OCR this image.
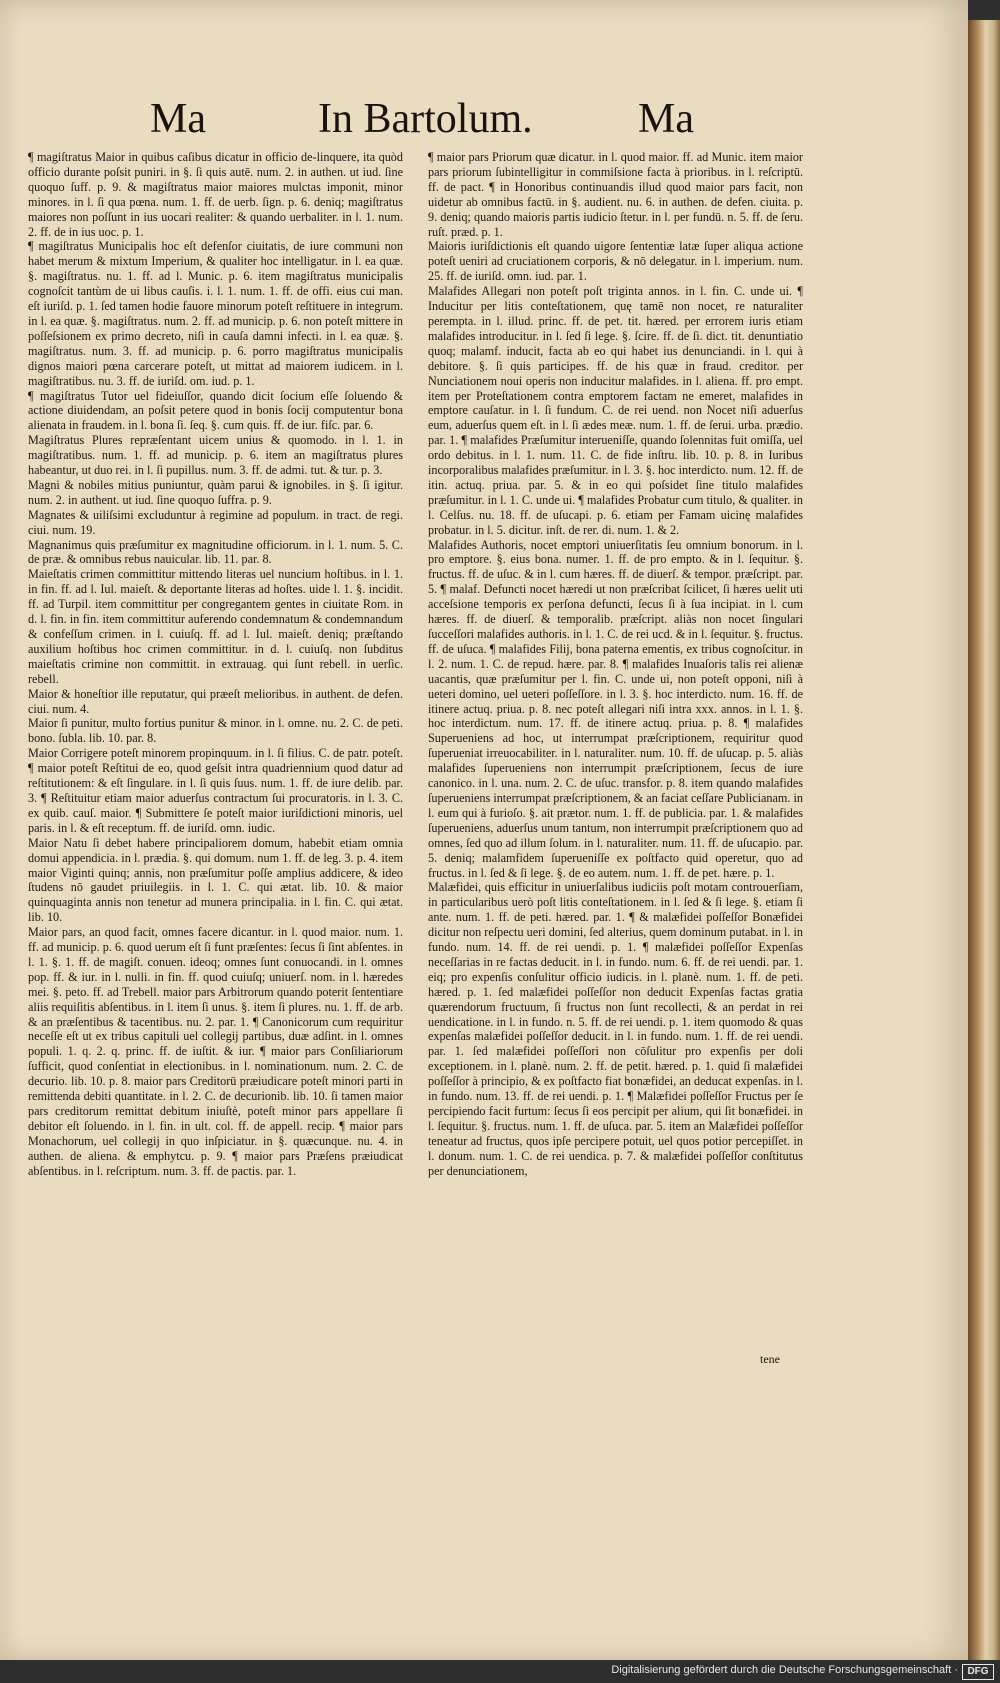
Ma	In Bartolum.	Ma

¶ magiſtratus Maior in quibus caſibus dicatur in officio de-linquere, ita quòd officio durante poſsit puniri. in §. ſi quis autē. num. 2. in authen. ut iud. ſine quoquo ſuff. p. 9. & magiſtratus maior maiores mulctas imponit, minor minores. in l. ſi qua pœna. num. 1. ff. de uerb. ſign. p. 6. deniq; magiſtratus maiores non poſſunt in ius uocari realiter: & quando uerbaliter. in l. 1. num. 2. ff. de in ius uoc. p. 1.

¶ magiſtratus Municipalis hoc eſt defenſor ciuitatis, de iure communi non habet merum & mixtum Imperium, & qualiter hoc intelligatur. in l. ea quæ. §. magiſtratus. nu. 1. ff. ad l. Munic. p. 6. item magiſtratus municipalis cognoſcit tantùm de ui libus cauſis. i. l. 1. num. 1. ff. de offi. eius cui man. eſt iuriſd. p. 1. ſed tamen hodie fauore minorum poteſt reſtituere in integrum. in l. ea quæ. §. magiſtratus. num. 2. ff. ad municip. p. 6. non poteſt mittere in poſſeſsionem ex primo decreto, niſi in cauſa damni infecti. in l. ea quæ. §. magiſtratus. num. 3. ff. ad municip. p. 6. porro magiſtratus municipalis dignos maiori pœna carcerare poteſt, ut mittat ad maiorem iudicem. in l. magiſtratibus. nu. 3. ff. de iuriſd. om. iud. p. 1.

¶ magiſtratus Tutor uel fideiuſſor, quando dicit ſocium eſſe ſoluendo & actione diuidendam, an poſsit petere quod in bonis ſocij computentur bona alienata in fraudem. in l. bona ſi. ſeq. §. cum quis. ff. de iur. fiſc. par. 6.

Magiſtratus Plures repræſentant uicem unius & quomodo. in l. 1. in magiſtratibus. num. 1. ff. ad municip. p. 6. item an magiſtratus plures habeantur, ut duo rei. in l. ſi pupillus. num. 3. ff. de admi. tut. & tur. p. 3.

Magni & nobiles mitius puniuntur, quàm parui & ignobiles. in §. ſi igitur. num. 2. in authent. ut iud. ſine quoquo ſuffra. p. 9.

Magnates & uiliſsimi excluduntur à regimine ad populum. in tract. de regi. ciui. num. 19.

Magnanimus quis præſumitur ex magnitudine officiorum. in l. 1. num. 5. C. de præ. & omnibus rebus nauicular. lib. 11. par. 8.

Maieſtatis crimen committitur mittendo literas uel nuncium hoſtibus. in l. 1. in fin. ff. ad l. Iul. maieſt. & deportante literas ad hoſtes. uide l. 1. §. incidit. ff. ad Turpil. item committitur per congregantem gentes in ciuitate Rom. in d. l. fin. in fin. item committitur auferendo condemnatum & condemnandum & confeſſum crimen. in l. cuiuſq. ff. ad l. Iul. maieſt. deniq; præſtando auxilium hoſtibus hoc crimen committitur. in d. l. cuiuſq. non ſubditus maieſtatis crimine non committit. in extrauag. qui ſunt rebell. in uerſic. rebell.

Maior & honeſtior ille reputatur, qui præeſt melioribus. in authent. de defen. ciui. num. 4.

Maior ſi punitur, multo fortius punitur & minor. in l. omne. nu. 2. C. de peti. bono. ſubla. lib. 10. par. 8.

Maior Corrigere poteſt minorem propinquum. in l. ſi filius. C. de patr. poteſt. ¶ maior poteſt Reſtitui de eo, quod geſsit intra quadriennium quod datur ad reſtitutionem: & eſt ſingulare. in l. ſi quis ſuus. num. 1. ff. de iure delib. par. 3. ¶ Reſtituitur etiam maior aduerſus contractum ſui procuratoris. in l. 3. C. ex quib. cauſ. maior. ¶ Submittere ſe poteſt maior iuriſdictioni minoris, uel paris. in l. & eſt receptum. ff. de iuriſd. omn. iudic.

Maior Natu ſi debet habere principaliorem domum, habebit etiam omnia domui appendicia. in l. prædia. §. qui domum. num 1. ff. de leg. 3. p. 4. item maior Viginti quinq; annis, non præſumitur poſſe amplius addicere, & ideo ſtudens nō gaudet priuilegiis. in l. 1. C. qui ætat. lib. 10. & maior quinquaginta annis non tenetur ad munera principalia. in l. fin. C. qui ætat. lib. 10.

Maior pars, an quod facit, omnes facere dicantur. in l. quod maior. num. 1. ff. ad municip. p. 6. quod uerum eſt ſi funt præſentes: ſecus ſi ſint abſentes. in l. 1. §. 1. ff. de magiſt. conuen. ideoq; omnes ſunt conuocandi. in l. omnes pop. ff. & iur. in l. nulli. in fin. ff. quod cuiuſq; uniuerſ. nom. in l. hæredes mei. §. peto. ff. ad Trebell. maior pars Arbitrorum quando poterit ſententiare aliis requiſitis abſentibus. in l. item ſi unus. §. item ſi plures. nu. 1. ff. de arb. & an præſentibus & tacentibus. nu. 2. par. 1. ¶ Canonicorum cum requiritur neceſſe eſt ut ex tribus capituli uel collegij partibus, duæ adſint. in l. omnes populi. 1. q. 2. q. princ. ff. de iuſtit. & iur. ¶ maior pars Conſiliariorum ſufficit, quod conſentiat in electionibus. in l. nominationum. num. 2. C. de decurio. lib. 10. p. 8. maior pars Creditorū præiudicare poteſt minori parti in remittenda debiti quantitate. in l. 2. C. de decurionib. lib. 10. ſi tamen maior pars creditorum remittat debitum iniuſtè, poteſt minor pars appellare ſi debitor eſt ſoluendo. in l. fin. in ult. col. ff. de appell. recip. ¶ maior pars Monachorum, uel collegij in quo inſpiciatur. in §. quæcunque. nu. 4. in authen. de aliena. & emphytcu. p. 9. ¶ maior pars Præſens præiudicat abſentibus. in l. reſcriptum. num. 3. ff. de pactis. par. 1.

¶ maior pars Priorum quæ dicatur. in l. quod maior. ff. ad Munic. item maior pars priorum ſubintelligitur in commiſsione facta à prioribus. in l. reſcriptū. ff. de pact. ¶ in Honoribus continuandis illud quod maior pars facit, non uidetur ab omnibus factū. in §. audient. nu. 6. in authen. de defen. ciuita. p. 9. deniq; quando maioris partis iudicio ſtetur. in l. per fundū. n. 5. ff. de ſeru. ruſt. præd. p. 1.

Maioris iuriſdictionis eſt quando uigore ſententiæ latæ ſuper aliqua actione poteſt ueniri ad cruciationem corporis, & nō delegatur. in l. imperium. num. 25. ff. de iuriſd. omn. iud. par. 1.

Malafides Allegari non poteſt poſt triginta annos. in l. fin. C. unde ui. ¶ Inducitur per litis conteſtationem, quę tamē non nocet, re naturaliter perempta. in l. illud. princ. ff. de pet. tit. hæred. per errorem iuris etiam malafides introducitur. in l. ſed ſi lege. §. ſcire. ff. de ſi. dict. tit. denuntiatio quoq; malamf. inducit, facta ab eo qui habet ius denunciandi. in l. qui à debitore. §. ſi quis participes. ff. de his quæ in fraud. creditor. per Nunciationem noui operis non inducitur malafides. in l. aliena. ff. pro empt. item per Proteſtationem contra emptorem factam ne emeret, malafides in emptore cauſatur. in l. ſi fundum. C. de rei uend. non Nocet niſi aduerſus eum, aduerſus quem eſt. in l. ſi ædes meæ. num. 1. ff. de ſerui. urba. prædio. par. 1. ¶ malafides Præſumitur interueniſſe, quando ſolennitas fuit omiſſa, uel ordo debitus. in l. 1. num. 11. C. de fide inſtru. lib. 10. p. 8. in Iuribus incorporalibus malafides præſumitur. in l. 3. §. hoc interdicto. num. 12. ff. de itin. actuq. priua. par. 5. & in eo qui poſsidet ſine titulo malafides præſumitur. in l. 1. C. unde ui. ¶ malafides Probatur cum titulo, & qualiter. in l. Celſus. nu. 18. ff. de uſucapi. p. 6. etiam per Famam uicinę malafides probatur. in l. 5. dicitur. inſt. de rer. di. num. 1. & 2.

Malafides Authoris, nocet emptori uniuerſitatis ſeu omnium bonorum. in l. pro emptore. §. eius bona. numer. 1. ff. de pro empto. & in l. ſequitur. §. fructus. ff. de uſuc. & in l. cum hæres. ff. de diuerſ. & tempor. præſcript. par. 5. ¶ malaf. Defuncti nocet hæredi ut non præſcribat ſcilicet, ſi hæres uelit uti acceſsione temporis ex perſona defuncti, ſecus ſi à ſua incipiat. in l. cum hæres. ff. de diuerſ. & temporalib. præſcript. aliàs non nocet ſingulari ſucceſſori malafides authoris. in l. 1. C. de rei ucd. & in l. ſequitur. §. fructus. ff. de uſuca. ¶ malafides Filij, bona paterna ementis, ex tribus cognoſcitur. in l. 2. num. 1. C. de repud. hære. par. 8. ¶ malafides Inuaſoris talis rei alienæ uacantis, quæ præſumitur per l. fin. C. unde ui, non poteſt opponi, niſi à ueteri domino, uel ueteri poſſeſſore. in l. 3. §. hoc interdicto. num. 16. ff. de itinere actuq. priua. p. 8. nec poteſt allegari niſi intra xxx. annos. in l. 1. §. hoc interdictum. num. 17. ff. de itinere actuq. priua. p. 8. ¶ malafides Superueniens ad hoc, ut interrumpat præſcriptionem, requiritur quod ſuperueniat irreuocabiliter. in l. naturaliter. num. 10. ff. de uſucap. p. 5. aliàs malafides ſuperueniens non interrumpit præſcriptionem, ſecus de iure canonico. in l. una. num. 2. C. de uſuc. transfor. p. 8. item quando malafides ſuperueniens interrumpat præſcriptionem, & an faciat ceſſare Publicianam. in l. eum qui à furioſo. §. ait prætor. num. 1. ff. de publicia. par. 1. & malafides ſuperueniens, aduerſus unum tantum, non interrumpit præſcriptionem quo ad omnes, ſed quo ad illum ſolum. in l. naturaliter. num. 11. ff. de uſucapio. par. 5. deniq; malamfidem ſuperueniſſe ex poſtfacto quid operetur, quo ad fructus. in l. ſed & ſi lege. §. de eo autem. num. 1. ff. de pet. hære. p. 1.

Malæfidei, quis efficitur in uniuerſalibus iudiciis poſt motam controuerſiam, in particularibus uerò poſt litis conteſtationem. in l. ſed & ſi lege. §. etiam ſi ante. num. 1. ff. de peti. hæred. par. 1. ¶ & malæfidei poſſeſſor Bonæfidei dicitur non reſpectu ueri domini, ſed alterius, quem dominum putabat. in l. in fundo. num. 14. ff. de rei uendi. p. 1. ¶ malæfidei poſſeſſor Expenſas neceſſarias in re factas deducit. in l. in fundo. num. 6. ff. de rei uendi. par. 1. eiq; pro expenſis conſulitur officio iudicis. in l. planè. num. 1. ff. de peti. hæred. p. 1. ſed malæfidei poſſeſſor non deducit Expenſas factas gratia quærendorum fructuum, ſi fructus non ſunt recollecti, & an perdat in rei uendicatione. in l. in fundo. n. 5. ff. de rei uendi. p. 1. item quomodo & quas expenſas malæfidei poſſeſſor deducit. in l. in fundo. num. 1. ff. de rei uendi. par. 1. ſed malæfidei poſſeſſori non cōſulitur pro expenſis per doli exceptionem. in l. planè. num. 2. ff. de petit. hæred. p. 1. quid ſi malæfidei poſſeſſor à principio, & ex poſtfacto fiat bonæfidei, an deducat expenſas. in l. in fundo. num. 13. ff. de rei uendi. p. 1. ¶ Malæfidei poſſeſſor Fructus per ſe percipiendo facit furtum: ſecus ſi eos percipit per alium, qui ſit bonæfidei. in l. ſequitur. §. fructus. num. 1. ff. de uſuca. par. 5. item an Malæfidei poſſeſſor teneatur ad fructus, quos ipſe percipere potuit, uel quos potior percepiſſet. in l. donum. num. 1. C. de rei uendica. p. 7. & malæfidei poſſeſſor conſtitutus per denunciationem,

tene
Digitalisierung gefördert durch die Deutsche Forschungsgemeinschaft · DFG
